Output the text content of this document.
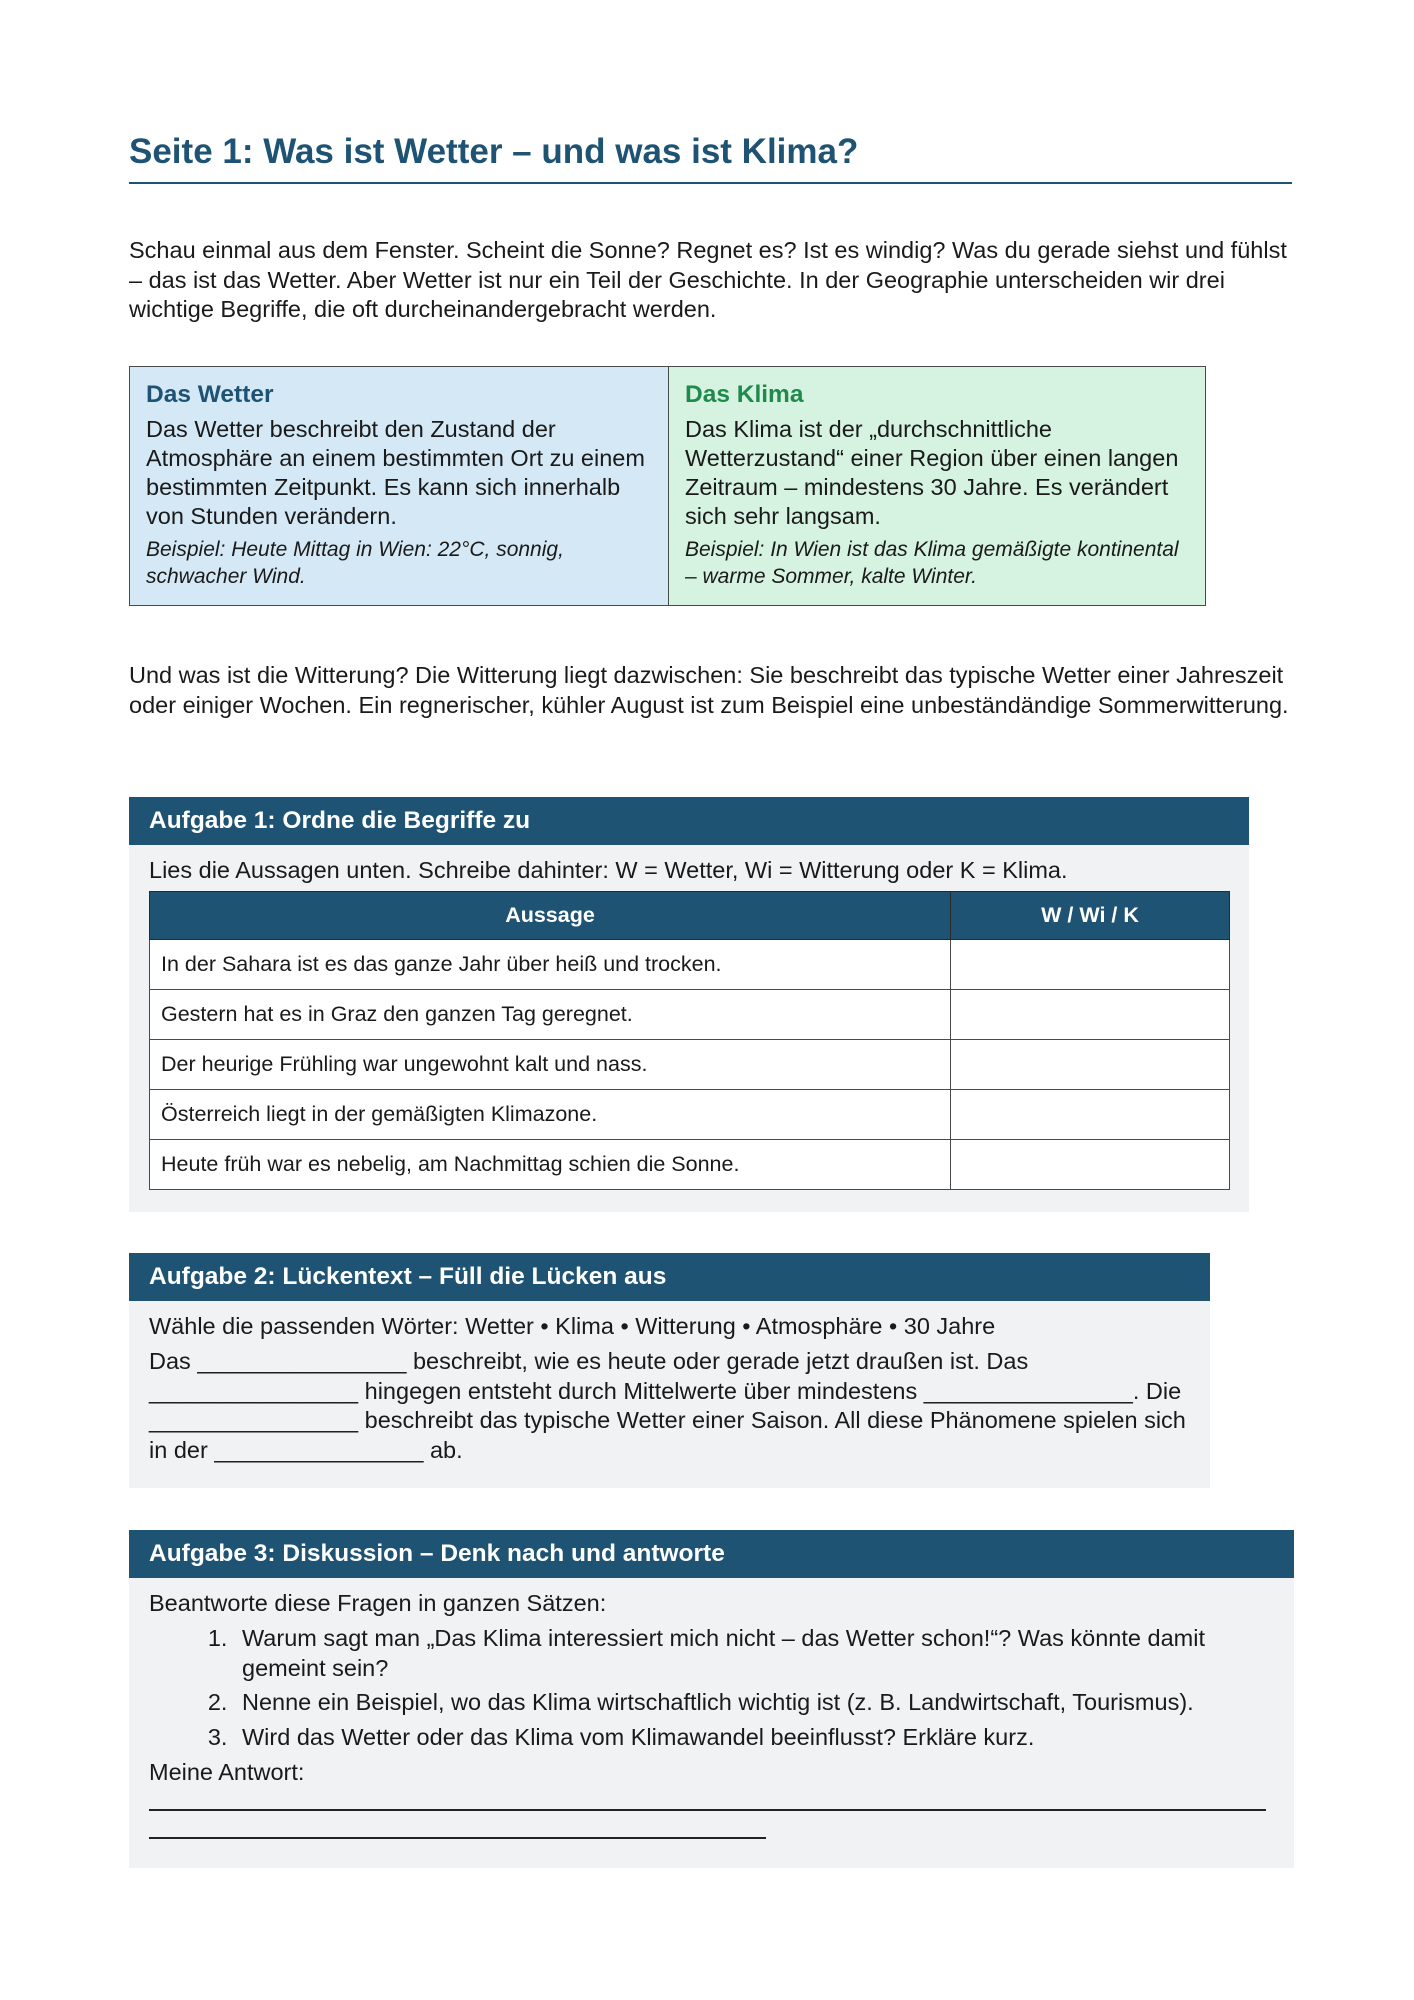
Seite 1: Was ist Wetter – und was ist Klima?

Schau einmal aus dem Fenster. Scheint die Sonne? Regnet es? Ist es windig? Was du gerade siehst und fühlst – das ist das Wetter. Aber Wetter ist nur ein Teil der Geschichte. In der Geographie unterscheiden wir drei wichtige Begriffe, die oft durcheinandergebracht werden.

Das Wetter

Das Wetter beschreibt den Zustand der Atmosphäre an einem bestimmten Ort zu einem bestimmten Zeitpunkt. Es kann sich innerhalb von Stunden verändern.

Beispiel: Heute Mittag in Wien: 22°C, sonnig, schwacher Wind.

Das Klima

Das Klima ist der „durchschnittliche Wetterzustand“ einer Region über einen langen Zeitraum – mindestens 30 Jahre. Es verändert sich sehr langsam.

Beispiel: In Wien ist das Klima gemäßigte kontinental – warme Sommer, kalte Winter.

Und was ist die Witterung? Die Witterung liegt dazwischen: Sie beschreibt das typische Wetter einer Jahreszeit oder einiger Wochen. Ein regnerischer, kühler August ist zum Beispiel eine unbeständändige Sommerwitterung.

Aufgabe 1: Ordne die Begriffe zu

Lies die Aussagen unten. Schreibe dahinter: W = Wetter, Wi = Witterung oder K = Klima.

Aussage	W / Wi / K
In der Sahara ist es das ganze Jahr über heiß und trocken.	
Gestern hat es in Graz den ganzen Tag geregnet.	
Der heurige Frühling war ungewohnt kalt und nass.	
Österreich liegt in der gemäßigten Klimazone.	
Heute früh war es nebelig, am Nachmittag schien die Sonne.	
Aufgabe 2: Lückentext – Füll die Lücken aus

Wähle die passenden Wörter: Wetter • Klima • Witterung • Atmosphäre • 30 Jahre

Das ________________ beschreibt, wie es heute oder gerade jetzt draußen ist. Das ________________ hingegen entsteht durch Mittelwerte über mindestens ________________. Die ________________ beschreibt das typische Wetter einer Saison. All diese Phänomene spielen sich in der ________________ ab.

Aufgabe 3: Diskussion – Denk nach und antworte

Beantworte diese Fragen in ganzen Sätzen:

1. Warum sagt man „Das Klima interessiert mich nicht – das Wetter schon!“? Was könnte damit gemeint sein?
2. Nenne ein Beispiel, wo das Klima wirtschaftlich wichtig ist (z. B. Landwirtschaft, Tourismus).
3. Wird das Wetter oder das Klima vom Klimawandel beeinflusst? Erkläre kurz.

Meine Antwort:
